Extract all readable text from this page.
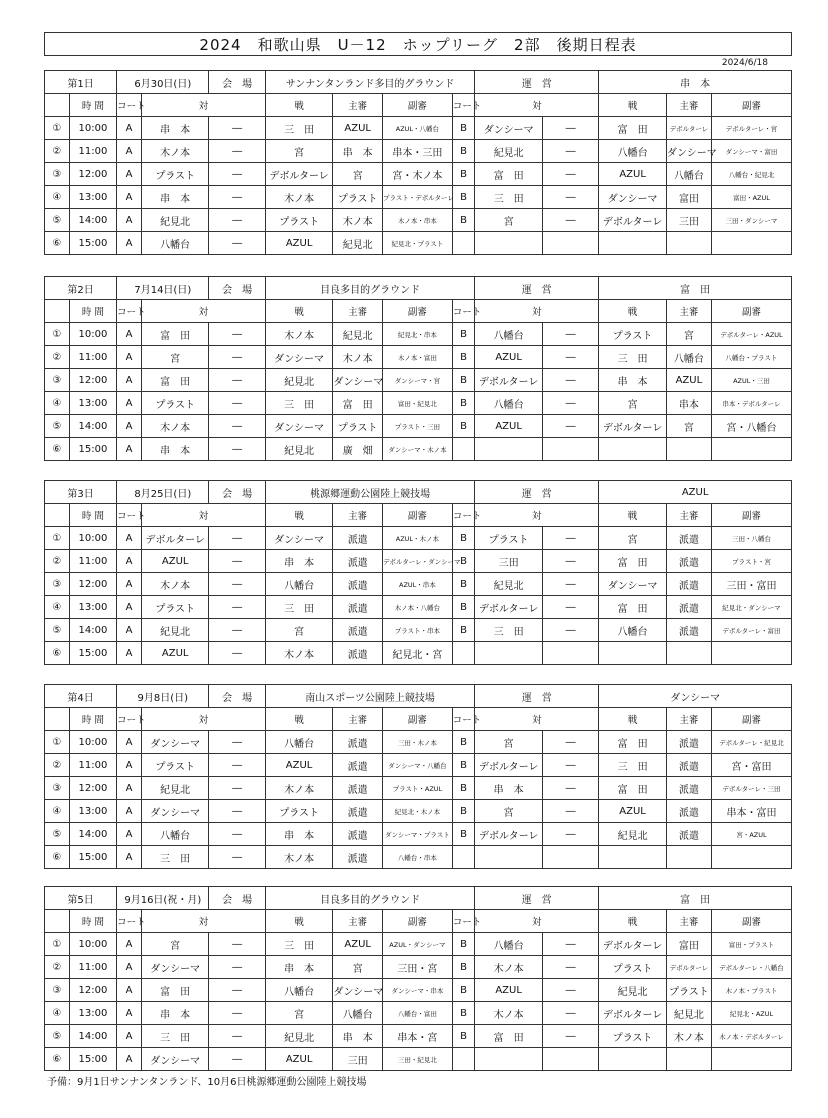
2024　和歌山県　U－12　ホップリーグ　2部　後期日程表
2024/6/18
第1日		6月30日(日)		会　場	サンナンタンランド多目的グラウンド				運　営		串　本		
	時 間	コート	対		戦	主審	副審	コート	対		戦	主審	副審
①	10:00	A	串　本	―	三　田	AZUL	AZUL・八幡台	B	ダンシーマ	―	富　田	デボルターレ	デボルターレ・宮
②	11:00	A	木ノ本	―	宮	串　本	串本・三田	B	紀見北	―	八幡台	ダンシーマ	ダンシーマ・富田
③	12:00	A	プラスト	―	デボルターレ	宮	宮・木ノ本	B	富　田	―	AZUL	八幡台	八幡台・紀見北
④	13:00	A	串　本	―	木ノ本	プラスト	プラスト・デボルターレ	B	三　田	―	ダンシーマ	富田	富田・AZUL
⑤	14:00	A	紀見北	―	プラスト	木ノ本	木ノ本・串本	B	宮	―	デボルターレ	三田	三田・ダンシーマ
⑥	15:00	A	八幡台	―	AZUL	紀見北	紀見北・プラスト						
第2日		7月14日(日)		会　場	目良多目的グラウンド				運　営		富　田		
	時 間	コート	対		戦	主審	副審	コート	対		戦	主審	副審
①	10:00	A	富　田	―	木ノ本	紀見北	紀見北・串本	B	八幡台	―	プラスト	宮	デボルターレ・AZUL
②	11:00	A	宮	―	ダンシーマ	木ノ本	木ノ本・富田	B	AZUL	―	三　田	八幡台	八幡台・プラスト
③	12:00	A	富　田	―	紀見北	ダンシーマ	ダンシーマ・宮	B	デボルターレ	―	串　本	AZUL	AZUL・三田
④	13:00	A	プラスト	―	三　田	富　田	富田・紀見北	B	八幡台	―	宮	串本	串本・デボルターレ
⑤	14:00	A	木ノ本	―	ダンシーマ	プラスト	プラスト・三田	B	AZUL	―	デボルターレ	宮	宮・八幡台
⑥	15:00	A	串　本	―	紀見北	廣　畑	ダンシーマ・木ノ本						
第3日		8月25日(日)		会　場	桃源郷運動公園陸上競技場				運　営		AZUL		
	時 間	コート	対		戦	主審	副審	コート	対		戦	主審	副審
①	10:00	A	デボルターレ	―	ダンシーマ	派遣	AZUL・木ノ本	B	プラスト	―	宮	派遣	三田・八幡台
②	11:00	A	AZUL	―	串　本	派遣	デボルターレ・ダンシーマ	B	三田	―	富　田	派遣	プラスト・宮
③	12:00	A	木ノ本	―	八幡台	派遣	AZUL・串本	B	紀見北	―	ダンシーマ	派遣	三田・富田
④	13:00	A	プラスト	―	三　田	派遣	木ノ本・八幡台	B	デボルターレ	―	富　田	派遣	紀見北・ダンシーマ
⑤	14:00	A	紀見北	―	宮	派遣	プラスト・串本	B	三　田	―	八幡台	派遣	デボルターレ・富田
⑥	15:00	A	AZUL	―	木ノ本	派遣	紀見北・宮						
第4日		9月8日(日)		会　場	南山スポーツ公園陸上競技場				運　営		ダンシーマ		
	時 間	コート	対		戦	主審	副審	コート	対		戦	主審	副審
①	10:00	A	ダンシーマ	―	八幡台	派遣	三田・木ノ本	B	宮	―	富　田	派遣	デボルターレ・紀見北
②	11:00	A	プラスト	―	AZUL	派遣	ダンシーマ・八幡台	B	デボルターレ	―	三　田	派遣	宮・富田
③	12:00	A	紀見北	―	木ノ本	派遣	プラスト・AZUL	B	串　本	―	富　田	派遣	デボルターレ・三田
④	13:00	A	ダンシーマ	―	プラスト	派遣	紀見北・木ノ本	B	宮	―	AZUL	派遣	串本・富田
⑤	14:00	A	八幡台	―	串　本	派遣	ダンシーマ・プラスト	B	デボルターレ	―	紀見北	派遣	宮・AZUL
⑥	15:00	A	三　田	―	木ノ本	派遣	八幡台・串本						
第5日		9月16日(祝・月)		会　場	目良多目的グラウンド				運　営		富　田		
	時 間	コート	対		戦	主審	副審	コート	対		戦	主審	副審
①	10:00	A	宮	―	三　田	AZUL	AZUL・ダンシーマ	B	八幡台	―	デボルターレ	富田	富田・プラスト
②	11:00	A	ダンシーマ	―	串　本	宮	三田・宮	B	木ノ本	―	プラスト	デボルターレ	デボルターレ・八幡台
③	12:00	A	富　田	―	八幡台	ダンシーマ	ダンシーマ・串本	B	AZUL	―	紀見北	プラスト	木ノ本・プラスト
④	13:00	A	串　本	―	宮	八幡台	八幡台・富田	B	木ノ本	―	デボルターレ	紀見北	紀見北・AZUL
⑤	14:00	A	三　田	―	紀見北	串　本	串本・宮	B	富　田	―	プラスト	木ノ本	木ノ本・デボルターレ
⑥	15:00	A	ダンシーマ	―	AZUL	三田	三田・紀見北						
予備：9月1日サンナンタンランド、10月6日桃源郷運動公園陸上競技場
